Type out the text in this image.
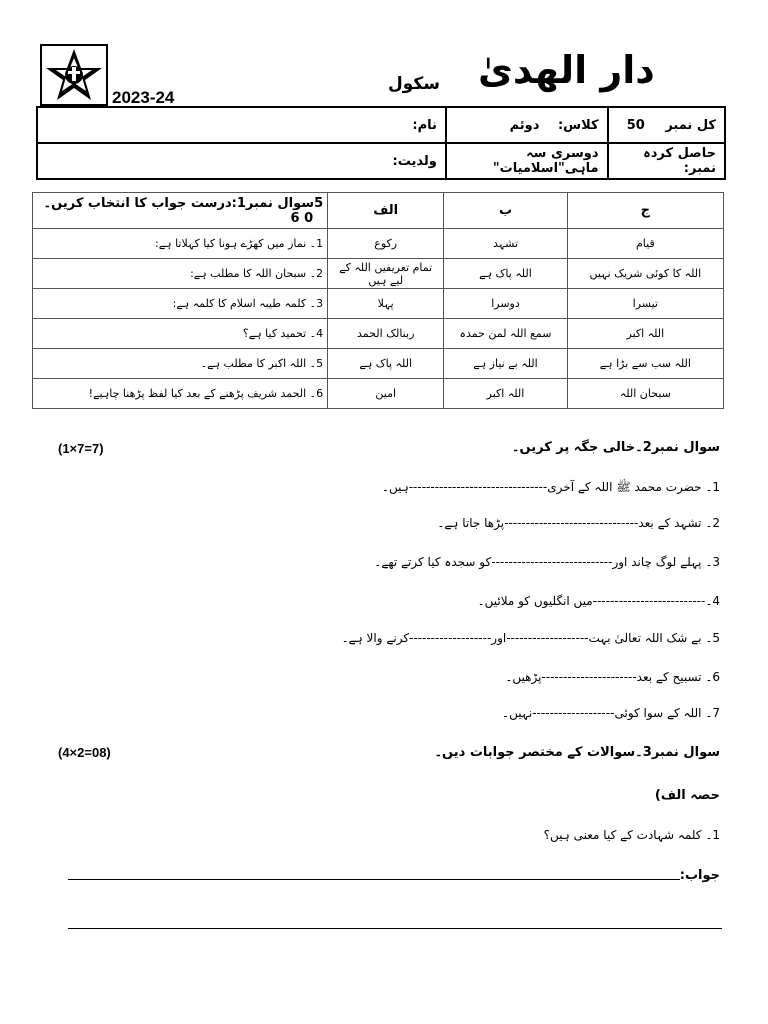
2023-24
دار الهدیٰ
سکول
نام:	کلاس: دوئم	کل نمبر 50
ولدیت:	دوسری سہ ماہی"اسلامیات"	حاصل کردہ نمبر:
5سوال نمبر1:درست جواب کا انتخاب کریں۔ 0 6	الف	ب	ج
1۔ نماز میں کھڑے ہونا کیا کہلاتا ہے:	رکوع	تشہد	قیام
2۔ سبحان اللہ کا مطلب ہے:	تمام تعریفیں اللہ کے لیے ہیں	اللہ پاک ہے	اللہ کا کوئی شریک نہیں
3۔ کلمہ طیبہ اسلام کا کلمہ ہے:	پہلا	دوسرا	تیسرا
4۔ تحمید کیا ہے؟	ربنالک الحمد	سمع اللہ لمن حمدہ	اللہ اکبر
5۔ اللہ اکبر کا مطلب ہے۔	اللہ پاک ہے	اللہ بے نیاز ہے	اللہ سب سے بڑا ہے
6۔ الحمد شریف پڑھنے کے بعد کیا لفظ پڑھنا چاہیے!	امین	اللہ اکبر	سبحان اللہ
سوال نمبر2۔خالی جگہ پر کریں۔
(1×7=7)
1۔ حضرت محمد ﷺ اللہ کے آخری--------------------------------ہیں۔
2۔ تشہد کے بعد-------------------------------پڑھا جاتا ہے۔
3۔ پہلے لوگ چاند اور----------------------------کو سجدہ کیا کرتے تھے۔
4۔--------------------------میں انگلیوں کو ملائیں۔
5۔ بے شک اللہ تعالیٰ بہت-------------------اور-------------------کرنے والا ہے۔
6۔ تسبیح کے بعد----------------------پڑھیں۔
7۔ اللہ کے سوا کوئی-------------------نہیں۔
سوال نمبر3۔سوالات کے مختصر جوابات دیں۔
(4×2=08)
حصہ الف)
1۔ کلمہ شہادت کے کیا معنی ہیں؟
جواب:
